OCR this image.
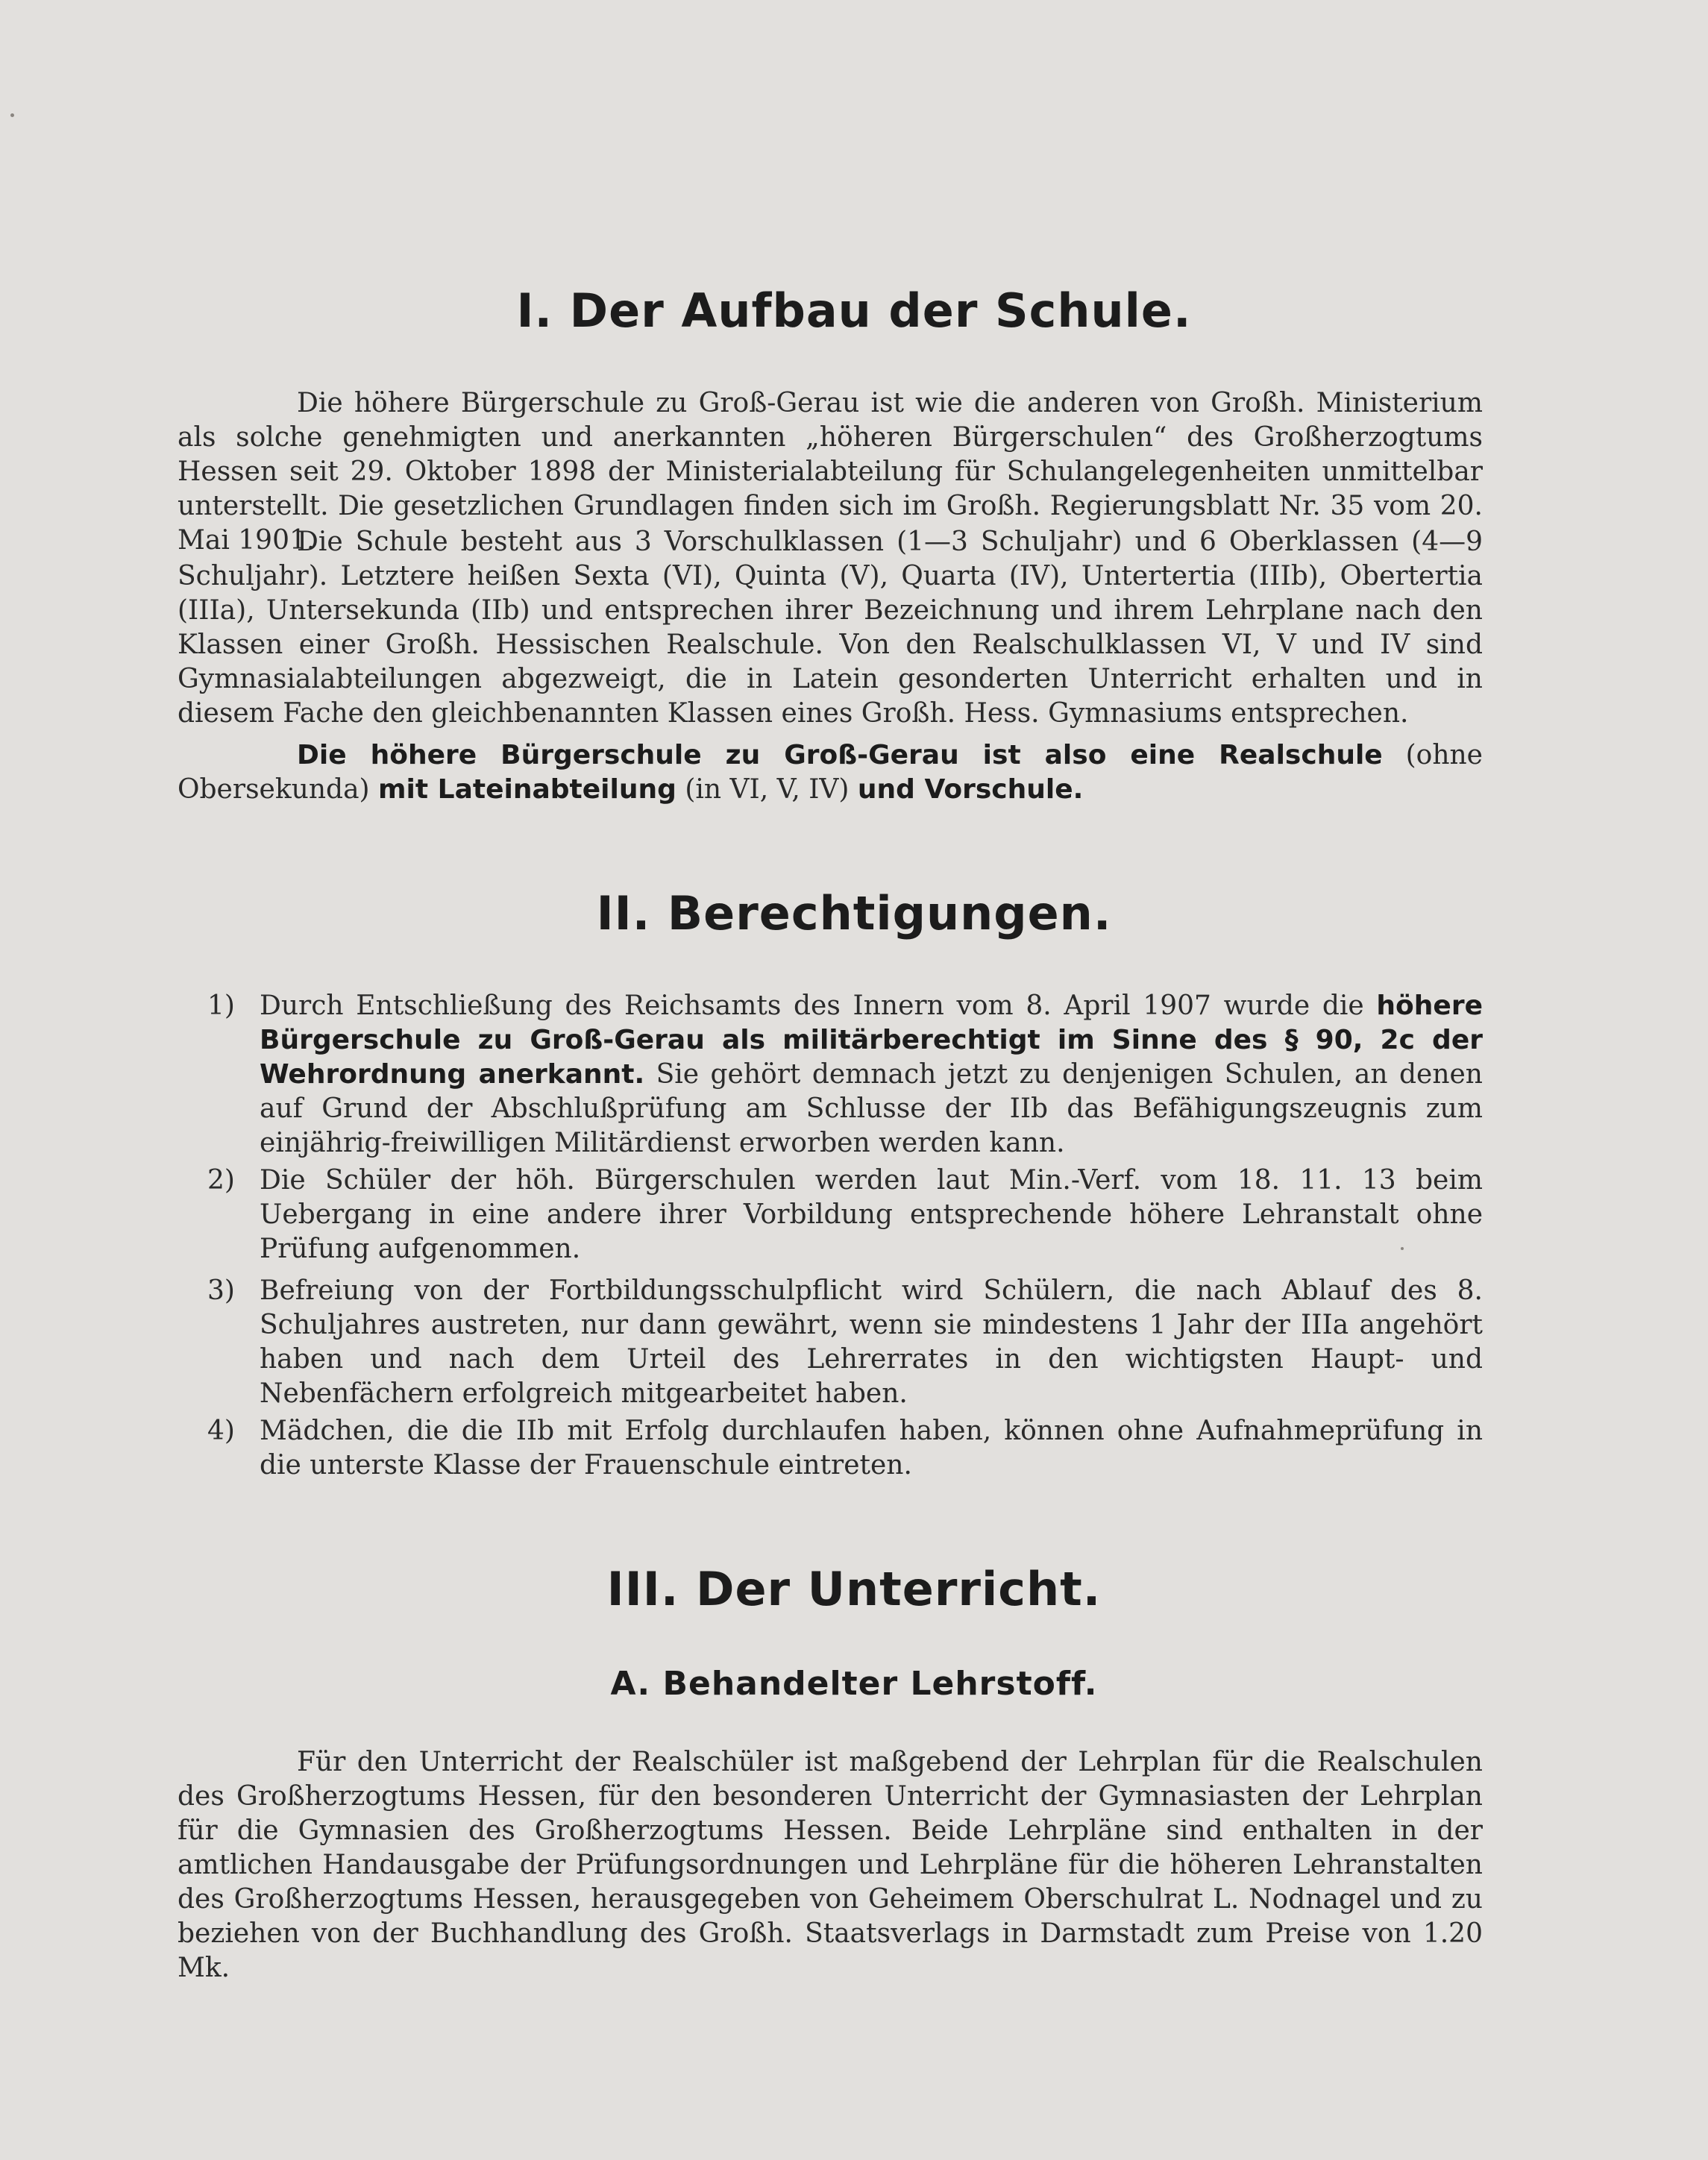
I. Der Aufbau der Schule.

Die höhere Bürgerschule zu Groß-Gerau ist wie die anderen von Großh. Ministerium als solche genehmigten und anerkannten „höheren Bürgerschulen“ des Großherzogtums Hessen seit 29. Oktober 1898 der Ministerialabteilung für Schulangelegenheiten unmittelbar unterstellt. Die gesetzlichen Grundlagen finden sich im Großh. Regierungsblatt Nr. 35 vom 20. Mai 1901.

Die Schule besteht aus 3 Vorschulklassen (1—3 Schuljahr) und 6 Oberklassen (4—9 Schuljahr). Letztere heißen Sexta (VI), Quinta (V), Quarta (IV), Untertertia (IIIb), Obertertia (IIIa), Untersekunda (IIb) und entsprechen ihrer Bezeichnung und ihrem Lehrplane nach den Klassen einer Großh. Hessischen Realschule. Von den Realschulklassen VI, V und IV sind Gymnasialabteilungen abgezweigt, die in Latein gesonderten Unterricht erhalten und in diesem Fache den gleichbenannten Klassen eines Großh. Hess. Gymnasiums entsprechen.

Die höhere Bürgerschule zu Groß-Gerau ist also eine Realschule (ohne Obersekunda) mit Lateinabteilung (in VI, V, IV) und Vorschule.

II. Berechtigungen.
1) Durch Entschließung des Reichsamts des Innern vom 8. April 1907 wurde die höhere Bürgerschule zu Groß-Gerau als militärberechtigt im Sinne des § 90, 2c der Wehrordnung anerkannt. Sie gehört demnach jetzt zu denjenigen Schulen, an denen auf Grund der Abschlußprüfung am Schlusse der IIb das Befähigungszeugnis zum einjährig-freiwilligen Militärdienst erworben werden kann.
2) Die Schüler der höh. Bürgerschulen werden laut Min.-Verf. vom 18. 11. 13 beim Uebergang in eine andere ihrer Vorbildung entsprechende höhere Lehranstalt ohne Prüfung aufgenommen.
3) Befreiung von der Fortbildungsschulpflicht wird Schülern, die nach Ablauf des 8. Schuljahres austreten, nur dann gewährt, wenn sie mindestens 1 Jahr der IIIa angehört haben und nach dem Urteil des Lehrerrates in den wichtigsten Haupt- und Nebenfächern erfolgreich mitgearbeitet haben.
4) Mädchen, die die IIb mit Erfolg durchlaufen haben, können ohne Aufnahmeprüfung in die unterste Klasse der Frauenschule eintreten.
III. Der Unterricht.
A. Behandelter Lehrstoff.

Für den Unterricht der Realschüler ist maßgebend der Lehrplan für die Realschulen des Großherzogtums Hessen, für den besonderen Unterricht der Gymnasiasten der Lehrplan für die Gymnasien des Großherzogtums Hessen. Beide Lehrpläne sind enthalten in der amtlichen Handausgabe der Prüfungsordnungen und Lehrpläne für die höheren Lehranstalten des Großherzogtums Hessen, herausgegeben von Geheimem Oberschulrat L. Nodnagel und zu beziehen von der Buchhandlung des Großh. Staatsverlags in Darmstadt zum Preise von 1.20 Mk.
